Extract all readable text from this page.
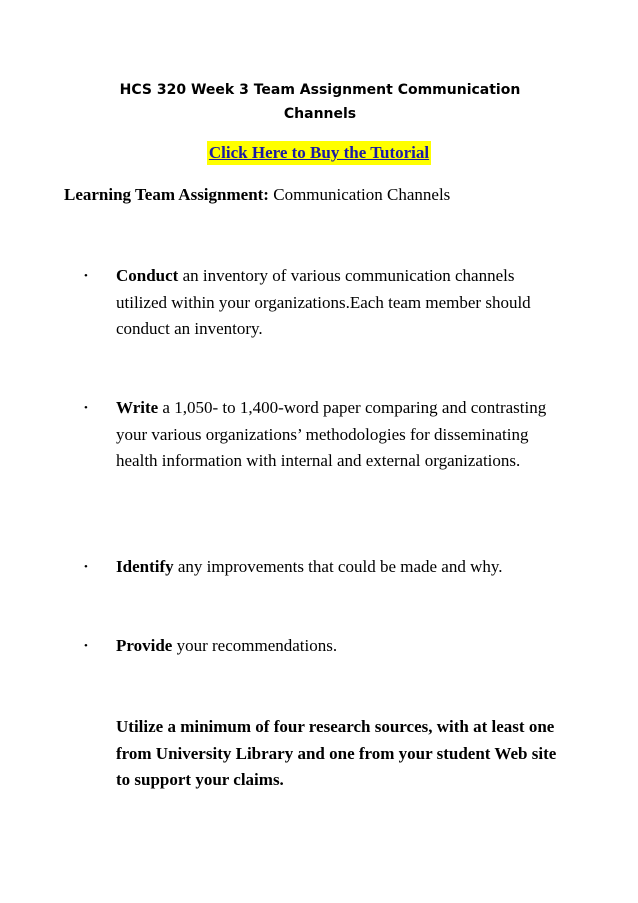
HCS 320 Week 3 Team Assignment Communication Channels
Click Here to Buy the Tutorial
Learning Team Assignment: Communication Channels
• Conduct an inventory of various communication channels utilized within your organizations.Each team member should conduct an inventory.
• Write a 1,050- to 1,400-word paper comparing and contrasting your various organizations’ methodologies for disseminating health information with internal and external organizations.
• Identify any improvements that could be made and why.
• Provide your recommendations.
Utilize a minimum of four research sources, with at least one from University Library and one from your student Web site to support your claims.
